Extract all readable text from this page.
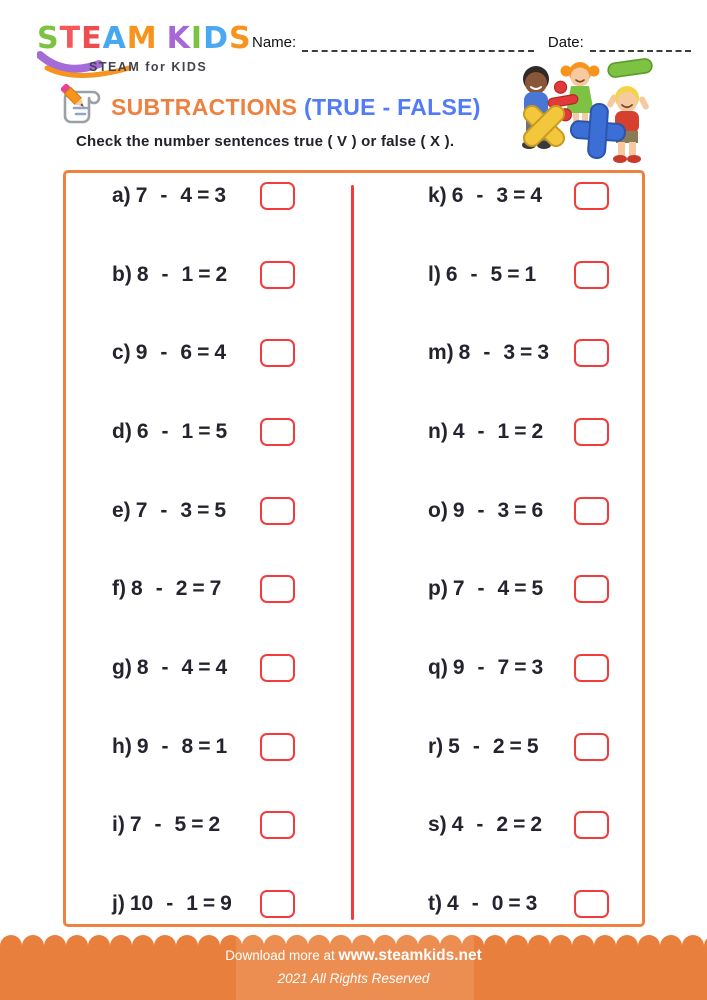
STEAM KIDS
STEAM for KIDS
Name:	Date:
SUBTRACTIONS (TRUE - FALSE)
Check the number sentences true ( V ) or false ( X ).
a) 7 - 4 = 3
b) 8 - 1 = 2
c) 9 - 6 = 4
d) 6 - 1 = 5
e) 7 - 3 = 5
f) 8 - 2 = 7
g) 8 - 4 = 4
h) 9 - 8 = 1
i) 7 - 5 = 2
j) 10 - 1 = 9
k) 6 - 3 = 4
l) 6 - 5 = 1
m) 8 - 3 = 3
n) 4 - 1 = 2
o) 9 - 3 = 6
p) 7 - 4 = 5
q) 9 - 7 = 3
r) 5 - 2 = 5
s) 4 - 2 = 2
t) 4 - 0 = 3
Download more at www.steamkids.net
2021 All Rights Reserved
